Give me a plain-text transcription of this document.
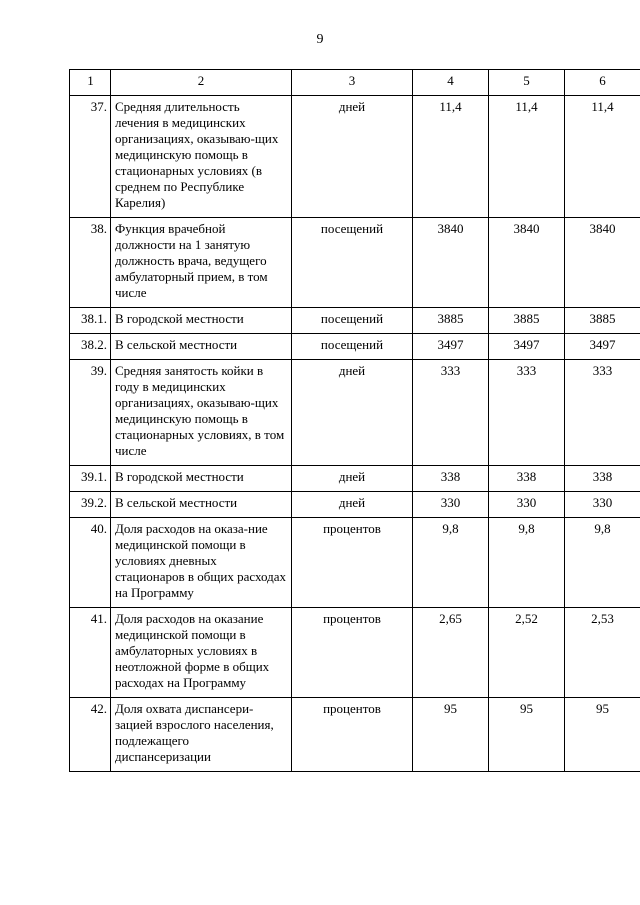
9
1	2	3	4	5	6
37.	Средняя длительность лечения в медицинских организациях, оказываю-щих медицинскую помощь в стационарных условиях (в среднем по Республике Карелия)	дней	11,4	11,4	11,4
38.	Функция врачебной должности на 1 занятую должность врача, ведущего амбулаторный прием, в том числе	посещений	3840	3840	3840
38.1.	В городской местности	посещений	3885	3885	3885
38.2.	В сельской местности	посещений	3497	3497	3497
39.	Средняя занятость койки в году в медицинских организациях, оказываю-щих медицинскую помощь в стационарных условиях, в том числе	дней	333	333	333
39.1.	В городской местности	дней	338	338	338
39.2.	В сельской местности	дней	330	330	330
40.	Доля расходов на оказа-ние медицинской помощи в условиях дневных стационаров в общих расходах на Программу	процентов	9,8	9,8	9,8
41.	Доля расходов на оказание медицинской помощи в амбулаторных условиях в неотложной форме в общих расходах на Программу	процентов	2,65	2,52	2,53
42.	Доля охвата диспансери-зацией взрослого населения, подлежащего диспансеризации	процентов	95	95	95
